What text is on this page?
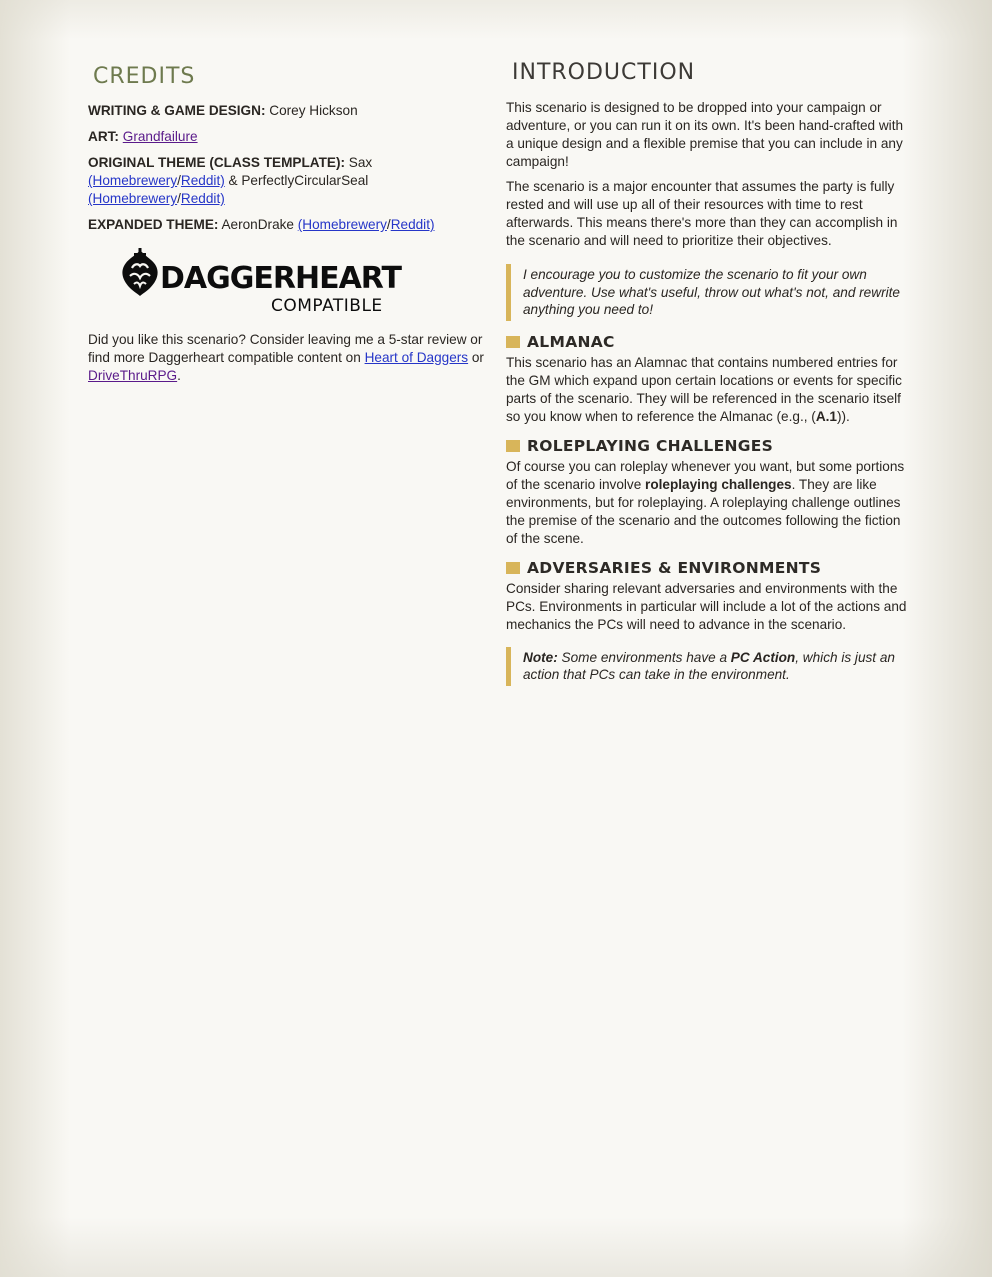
CREDITS

WRITING & GAME DESIGN: Corey Hickson

ART: Grandfailure

ORIGINAL THEME (CLASS TEMPLATE): Sax
(Homebrewery/Reddit) & PerfectlyCircularSeal
(Homebrewery/Reddit)

EXPANDED THEME: AeronDrake (Homebrewery/Reddit)

DAGGERHEART
COMPATIBLE

Did you like this scenario? Consider leaving me a 5-star review or find more Daggerheart compatible content on Heart of Daggers or DriveThruRPG.

INTRODUCTION

This scenario is designed to be dropped into your campaign or adventure, or you can run it on its own. It's been hand-crafted with a unique design and a flexible premise that you can include in any campaign!

The scenario is a major encounter that assumes the party is fully rested and will use up all of their resources with time to rest afterwards. This means there's more than they can accomplish in the scenario and will need to prioritize their objectives.

I encourage you to customize the scenario to fit your own adventure. Use what's useful, throw out what's not, and rewrite anything you need to!
ALMANAC

This scenario has an Alamnac that contains numbered entries for the GM which expand upon certain locations or events for specific parts of the scenario. They will be referenced in the scenario itself so you know when to reference the Almanac (e.g., (A.1)).

ROLEPLAYING CHALLENGES

Of course you can roleplay whenever you want, but some portions of the scenario involve roleplaying challenges. They are like environments, but for roleplaying. A roleplaying challenge outlines the premise of the scenario and the outcomes following the fiction of the scene.

ADVERSARIES & ENVIRONMENTS

Consider sharing relevant adversaries and environments with the PCs. Environments in particular will include a lot of the actions and mechanics the PCs will need to advance in the scenario.

Note: Some environments have a PC Action, which is just an action that PCs can take in the environment.
